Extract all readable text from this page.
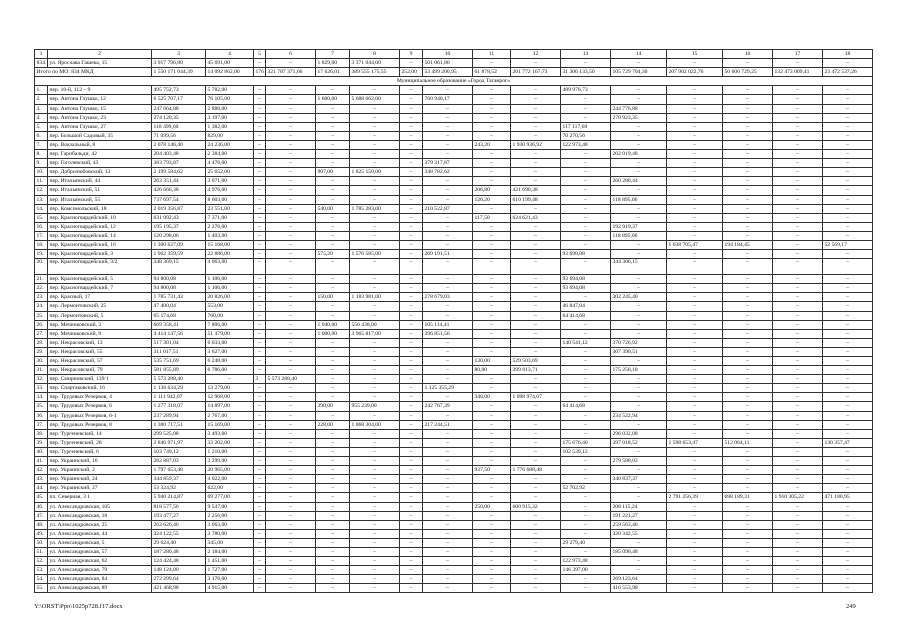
1	2	3	4	5	6	7	8	9	10	11	12	13	14	15	16	17	18
834.	ул. Ярослава Гашека, 15	3 917 796,80	45 691,00	–	–	1 829,00	3 371 044,00	–	501 061,80	–	–	–	–	–	–	–	–
Итого по МО: 834 МКД		1 550 171 044,39	14 092 862,00	176	321 787 371,66	17 626,01	389 555 175,55	252,00	53 499 200,95	61 878,52	201 772 167,73	31 306 133,50	105 729 704,30	207 902 022,76	50 600 729,25	132 473 009,41	23 472 537,26
Муниципальное образование «Город Таганрог»																	
1.	пер. 10-й, 112 – 9	495 752,73	5 782,00	–	–	–	–	–	–	–	–	489 970,73	–	–	–	–	–
2.	пер. Антона Глушко, 12	6 525 707,17	76 105,00	–	–	1 600,00	5 688 662,00	–	760 940,17	–	–	–	–	–	–	–	–
3.	пер. Антона Глушко, 15	247 664,88	2 888,00	–	–	–	–	–	–	–	–	–	244 776,88	–	–	–	–
4.	пер. Антона Глушко, 23	274 120,35	3 197,00	–	–	–	–	–	–	–	–	–	270 923,35	–	–	–	–
5.	пер. Антона Глушко, 27	118 499,60	1 382,00	–	–	–	–	–	–	–	–	117 117,60	–	–	–	–	–
6.	пер. Большой Садовый, 35	71 099,56	829,00	–	–	–	–	–	–	–	–	70 270,56	–	–	–	–	–
7.	пер. Вокзальный, 8	2 078 146,40	24 236,00	–	–	–	–	–	–	243,20	1 930 936,92	122 973,48	–	–	–	–	–
8.	пер. Гарибальди, 42	204 403,48	2 384,00	–	–	–	–	–	–	–	–	–	202 019,48	–	–	–	–
9.	пер. Гоголевский, 43	383 793,87	4 476,00	–	–	–	–	–	379 317,87	–	–	–	–	–	–	–	–
10.	пер. Добролюбовский, 13	2 199 584,62	25 652,00	–	–	907,00	1 825 150,00	–	348 782,62	–	–	–	–	–	–	–	–
11.	пер. Итальянский, 44	263 351,44	3 071,00	–	–	–	–	–	–	–	–	–	260 280,44	–	–	–	–
12.	пер. Итальянский, 51	426 666,38	4 976,00	–	–	–	–	–	–	206,80	421 690,38	–	–	–	–	–	–
13.	пер. Итальянский, 55	737 697,54	8 603,00	–	–	–	–	–	–	126,20	610 199,48	–	118 895,06	–	–	–	–
14.	пер. Комсомольский, 18	2 019 356,87	23 551,00	–	–	540,00	1 785 283,00	–	210 522,87	–	–	–	–	–	–	–	–
15.	пер. Красногвардейский, 10	631 992,43	7 371,00	–	–	–	–	–	–	117,50	624 621,43	–	–	–	–	–	–
16.	пер. Красногвардейский, 12	195 195,37	2 276,00	–	–	–	–	–	–	–	–	–	192 919,37	–	–	–	–
17.	пер. Красногвардейский, 14	120 298,06	1 403,00	–	–	–	–	–	–	–	–	–	118 895,06	–	–	–	–
18.	пер. Красногвардейский, 16	1 300 627,09	15 168,00	–	–	–	–	–	–	–	–	–	–	1 038 705,47	194 184,45	–	52 569,17
19.	пер. Красногвардейский, 3	1 962 359,59	22 886,00	–	–	575,20	1 576 585,00	–	269 191,51	–	–	93 698,08	–	–	–	–	–
20.	пер. Красногвардейский, 3/2	348 369,15	4 063,00	–	–	–	–	–	–	–	–	–	344 306,15	–	–	–	–
21.	пер. Красногвардейский, 5	94 800,08	1 106,00	–	–	–	–	–	–	–	–	93 694,08	–	–	–	–	–
22.	пер. Красногвардейский, 7	94 800,08	1 106,00	–	–	–	–	–	–	–	–	93 694,08	–	–	–	–	–
23.	пер. Красный, 17	1 785 731,43	20 826,00	–	–	150,00	1 183 981,00	–	278 679,03	–	–	–	302 245,40	–	–	–	–
24.	пер. Лермонтовский, 25	47 400,04	553,00	–	–	–	–	–	–	–	–	46 847,04	–	–	–	–	–
25.	пер. Лермонтовский, 5	65 174,68	760,00	–	–	–	–	–	–	–	–	64 414,68	–	–	–	–	–
26.	пер. Мечниковский, 2	669 358,41	7 806,00	–	–	1 040,00	556 438,00	–	105 114,41	–	–	–	–	–	–	–	–
27.	пер. Мечниковский, 9	4 414 147,56	51 479,00	–	–	1 000,00	3 965 817,00	–	396 851,56	–	–	–	–	–	–	–	–
28.	пер. Некрасовский, 13	517 301,04	6 033,00	–	–	–	–	–	–	–	–	140 541,12	370 726,92	–	–	–	–
29.	пер. Некрасовский, 55	311 017,51	3 627,00	–	–	–	–	–	–	–	–	–	307 390,51	–	–	–	–
30.	пер. Некрасовский, 57	535 751,69	6 248,00	–	–	–	–	–	–	130,00	529 503,69	–	–	–	–	–	–
31.	пер. Некрасовский, 79	581 855,89	6 786,00	–	–	–	–	–	–	80,00	399 813,71	–	175 256,18	–	–	–	–
32.	пер. Смирновский, 139/1	5 573 288,40	–	3	5 573 288,40	–	–	–	–	–	–	–	–	–	–	–	–
33.	пер. Спартаковский, 16	1 138 634,29	13 279,00	–	–	–	–	–	1 125 355,29	–	–	–	–	–	–	–	–
34.	пер. Трудовых Резервов, 4	1 111 942,07	12 968,00	–	–	–	–	–	–	348,00	1 098 974,07	–	–	–	–	–	–
35.	пер. Трудовых Резервов, 6	1 277 318,07	14 897,00	–	–	390,00	955 239,00	–	242 767,39	–	–	64 414,68	–	–	–	–	–
36.	пер. Трудовых Резервов, 6-1	237 289,94	2 767,00	–	–	–	–	–	–	–	–	–	234 522,94	–	–	–	–
37.	пер. Трудовых Резервов, 8	1 300 717,51	15 169,00	–	–	228,00	1 068 304,00	–	217 244,51	–	–	–	–	–	–	–	–
38.	пер. Тургеневский, 14	299 525,08	3 493,00	–	–	–	–	–	–	–	–	–	296 032,08	–	–	–	–
39.	пер. Тургеневский, 28	2 846 971,97	33 202,00	–	–	–	–	–	–	–	–	175 676,40	397 018,52	1 598 653,47	512 064,11	–	130 357,47
40.	пер. Тургеневский, 6	103 749,12	1 210,00	–	–	–	–	–	–	–	–	102 539,12	–	–	–	–	–
41.	пер. Украинский, 16	282 887,03	3 299,00	–	–	–	–	–	–	–	–	–	279 588,03	–	–	–	–
42.	пер. Украинский, 2	1 797 653,48	20 965,00	–	–	–	–	–	–	937,50	1 776 688,48	–	–	–	–	–	–
43.	пер. Украинский, 24	344 859,37	4 022,00	–	–	–	–	–	–	–	–	–	340 837,37	–	–	–	–
44.	пер. Украинский, 27	53 324,92	622,00	–	–	–	–	–	–	–	–	52 702,92	–	–	–	–	–
45.	пл. Северная, 3 1	5 940 214,87	69 277,00	–	–	–	–	–	–	–	–	–	–	2 791 256,39	698 189,31	1 910 305,22	471 186,95
46.	ул. Александровская, 105	818 577,56	9 547,00	–	–	–	–	–	–	250,00	600 915,32	–	208 115,24	–	–	–	–
47.	ул. Александровская, 18	193 477,27	2 256,00	–	–	–	–	–	–	–	–	–	191 221,27	–	–	–	–
48.	ул. Александровская, 25	262 626,46	3 063,00	–	–	–	–	–	–	–	–	–	259 563,46	–	–	–	–
49.	ул. Александровская, 44	324 122,55	3 780,00	–	–	–	–	–	–	–	–	–	320 342,55	–	–	–	–
50.	ул. Александровская, 5	29 624,40	345,00	–	–	–	–	–	–	–	–	29 279,40	–	–	–	–	–
51.	ул. Александровская, 57	187 280,48	2 184,00	–	–	–	–	–	–	–	–	–	185 096,48	–	–	–	–
52.	ул. Александровская, 62	124 424,48	1 451,00	–	–	–	–	–	–	–	–	122 973,48	–	–	–	–	–
53.	ул. Александровская, 79	148 124,00	1 727,00	–	–	–	–	–	–	–	–	146 397,00	–	–	–	–	–
54.	ул. Александровская, 84	272 299,64	3 176,00	–	–	–	–	–	–	–	–	–	269 123,64	–	–	–	–
55.	ул. Александровская, 89	421 468,98	4 915,00	–	–	–	–	–	–	–	–	–	416 553,98	–	–	–	–
Y:\ORST\Ppo\1025p728.f17.docx	249
